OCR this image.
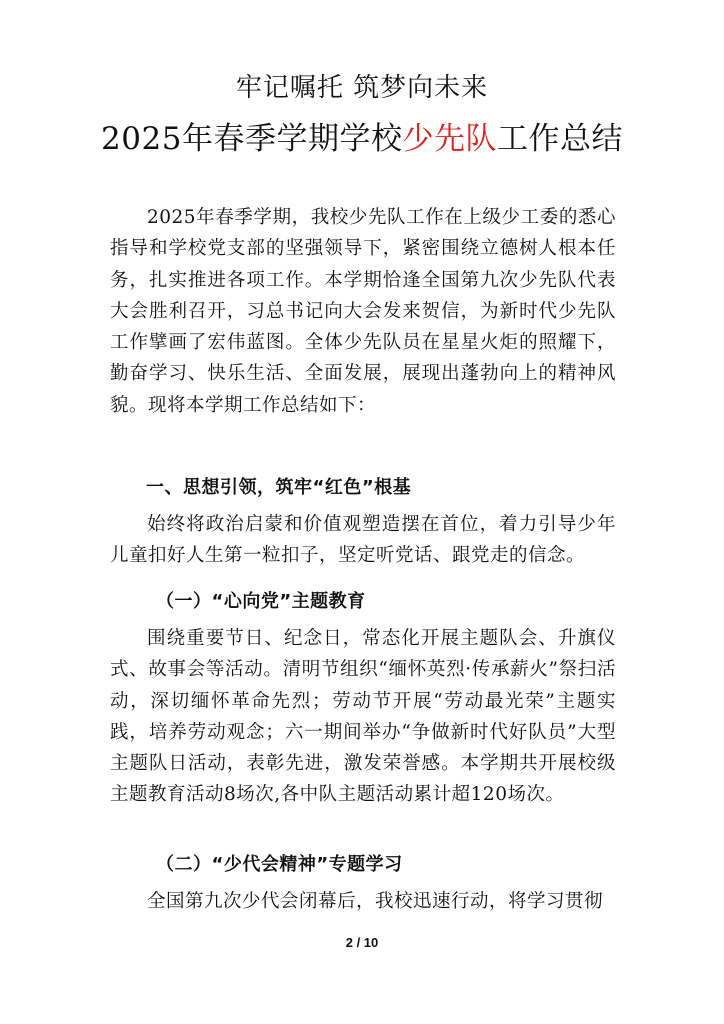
牢记嘱托 筑梦向未来
2025年春季学期学校少先队工作总结

2025年春季学期，我校少先队工作在上级少工委的悉心指导和学校党支部的坚强领导下，紧密围绕立德树人根本任务，扎实推进各项工作。本学期恰逢全国第九次少先队代表大会胜利召开，习总书记向大会发来贺信，为新时代少先队工作擘画了宏伟蓝图。全体少先队员在星星火炬的照耀下，勤奋学习、快乐生活、全面发展，展现出蓬勃向上的精神风貌。现将本学期工作总结如下：

一、思想引领，筑牢“红色”根基

始终将政治启蒙和价值观塑造摆在首位，着力引导少年儿童扣好人生第一粒扣子，坚定听党话、跟党走的信念。

（一）“心向党”主题教育

围绕重要节日、纪念日，常态化开展主题队会、升旗仪式、故事会等活动。清明节组织“缅怀英烈·传承薪火”祭扫活动，深切缅怀革命先烈；劳动节开展“劳动最光荣”主题实践，培养劳动观念；六一期间举办“争做新时代好队员”大型主题队日活动，表彰先进，激发荣誉感。本学期共开展校级主题教育活动8场次,各中队主题活动累计超120场次。

（二）“少代会精神”专题学习

全国第九次少代会闭幕后，我校迅速行动，将学习贯彻

2 / 10
